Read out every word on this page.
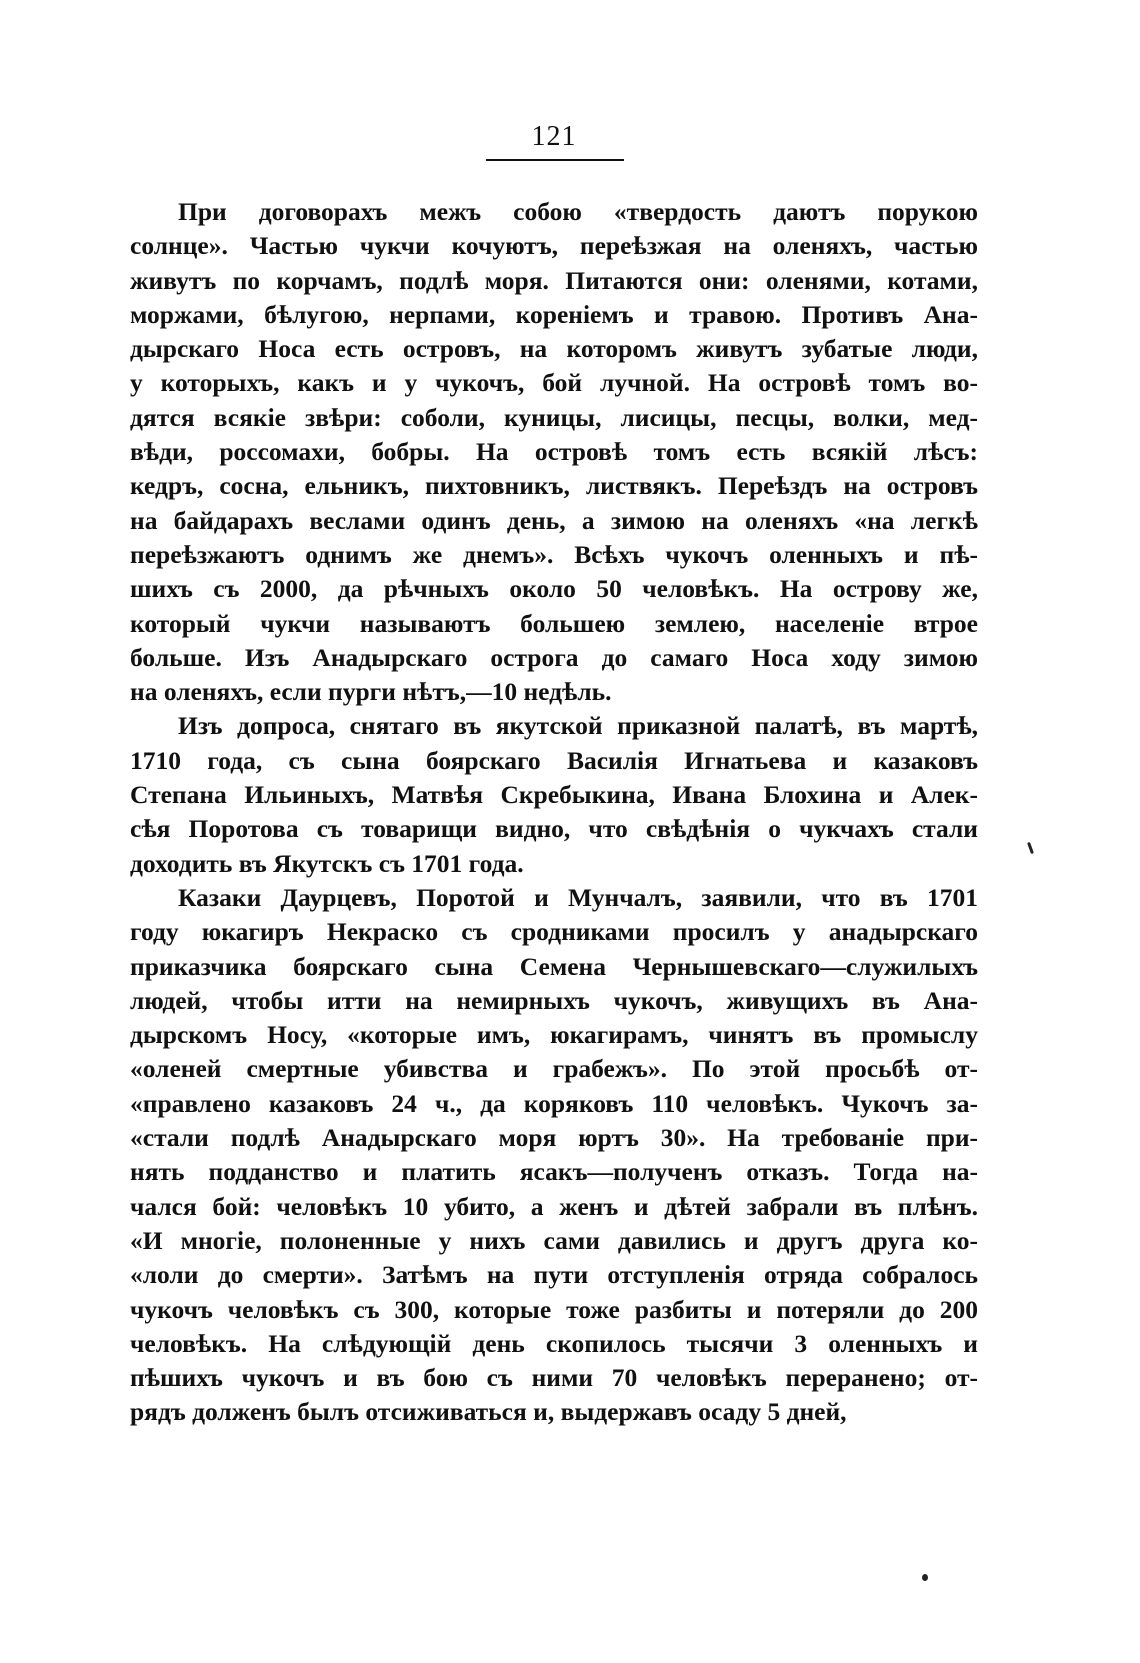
121
При договорахъ межъ собою «твердость даютъ порукою
солнце». Частью чукчи кочуютъ, переѣзжая на оленяхъ, частью
живутъ по корчамъ, подлѣ моря. Питаются они: оленями, котами,
моржами, бѣлугою, нерпами, кореніемъ и травою. Противъ Ана-
дырскаго Носа есть островъ, на которомъ живутъ зубатые люди,
у которыхъ, какъ и у чукочъ, бой лучной. На островѣ томъ во-
дятся всякіе звѣри: соболи, куницы, лисицы, песцы, волки, мед-
вѣди, россомахи, бобры. На островѣ томъ есть всякій лѣсъ:
кедръ, сосна, ельникъ, пихтовникъ, листвякъ. Переѣздъ на островъ
на байдарахъ веслами одинъ день, а зимою на оленяхъ «на легкѣ
переѣзжаютъ однимъ же днемъ». Всѣхъ чукочъ оленныхъ и пѣ-
шихъ съ 2000, да рѣчныхъ около 50 человѣкъ. На острову же,
который чукчи называютъ большею землею, населеніе втрое
больше. Изъ Анадырскаго острога до самаго Носа ходу зимою
на оленяхъ, если пурги нѣтъ,—10 недѣль.
Изъ допроса, снятаго въ якутской приказной палатѣ, въ мартѣ,
1710 года, съ сына боярскаго Василія Игнатьева и казаковъ
Степана Ильиныхъ, Матвѣя Скребыкина, Ивана Блохина и Алек-
сѣя Поротова съ товарищи видно, что свѣдѣнія о чукчахъ стали
доходить въ Якутскъ съ 1701 года.
Казаки Даурцевъ, Поротой и Мунчалъ, заявили, что въ 1701
году юкагиръ Некраско съ сродниками просилъ у анадырскаго
приказчика боярскаго сына Семена Чернышевскаго—служилыхъ
людей, чтобы итти на немирныхъ чукочъ, живущихъ въ Ана-
дырскомъ Носу, «которые имъ, юкагирамъ, чинятъ въ промыслу
«оленей смертные убивства и грабежъ». По этой просьбѣ от-
«правлено казаковъ 24 ч., да коряковъ 110 человѣкъ. Чукочъ за-
«стали подлѣ Анадырскаго моря юртъ 30». На требованіе при-
нять подданство и платить ясакъ—полученъ отказъ. Тогда на-
чался бой: человѣкъ 10 убито, а женъ и дѣтей забрали въ плѣнъ.
«И многіе, полоненные у нихъ сами давились и другъ друга ко-
«лоли до смерти». Затѣмъ на пути отступленія отряда собралось
чукочъ человѣкъ съ 300, которые тоже разбиты и потеряли до 200
человѣкъ. На слѣдующій день скопилось тысячи 3 оленныхъ и
пѣшихъ чукочъ и въ бою съ ними 70 человѣкъ переранено; от-
рядъ долженъ былъ отсиживаться и, выдержавъ осаду 5 дней,
